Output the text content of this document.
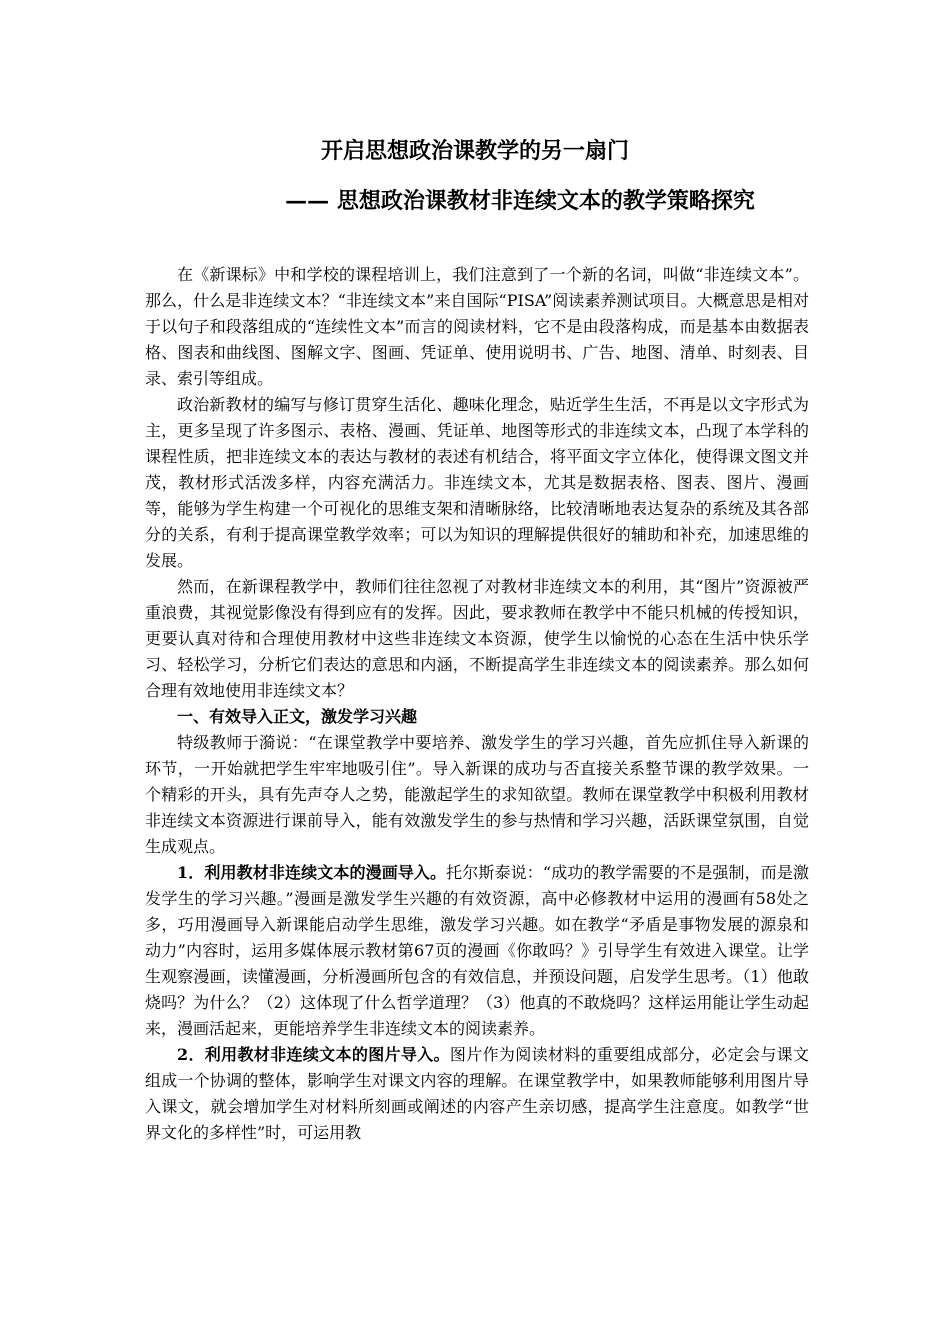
开启思想政治课教学的另一扇门
—— 思想政治课教材非连续文本的教学策略探究

在《新课标》中和学校的课程培训上，我们注意到了一个新的名词，叫做“非连续文本”。那么，什么是非连续文本？“非连续文本”来自国际“PISA”阅读素养测试项目。大概意思是相对于以句子和段落组成的“连续性文本”而言的阅读材料，它不是由段落构成，而是基本由数据表格、图表和曲线图、图解文字、图画、凭证单、使用说明书、广告、地图、清单、时刻表、目录、索引等组成。

政治新教材的编写与修订贯穿生活化、趣味化理念，贴近学生生活，不再是以文字形式为主，更多呈现了许多图示、表格、漫画、凭证单、地图等形式的非连续文本，凸现了本学科的课程性质，把非连续文本的表达与教材的表述有机结合，将平面文字立体化，使得课文图文并茂，教材形式活泼多样，内容充满活力。非连续文本，尤其是数据表格、图表、图片、漫画等，能够为学生构建一个可视化的思维支架和清晰脉络，比较清晰地表达复杂的系统及其各部分的关系，有利于提高课堂教学效率；可以为知识的理解提供很好的辅助和补充，加速思维的发展。

然而，在新课程教学中，教师们往往忽视了对教材非连续文本的利用，其“图片”资源被严重浪费，其视觉影像没有得到应有的发挥。因此，要求教师在教学中不能只机械的传授知识，更要认真对待和合理使用教材中这些非连续文本资源，使学生以愉悦的心态在生活中快乐学习、轻松学习，分析它们表达的意思和内涵，不断提高学生非连续文本的阅读素养。那么如何合理有效地使用非连续文本？

一、有效导入正文，激发学习兴趣

特级教师于漪说：“在课堂教学中要培养、激发学生的学习兴趣，首先应抓住导入新课的环节，一开始就把学生牢牢地吸引住”。导入新课的成功与否直接关系整节课的教学效果。一个精彩的开头，具有先声夺人之势，能激起学生的求知欲望。教师在课堂教学中积极利用教材非连续文本资源进行课前导入，能有效激发学生的参与热情和学习兴趣，活跃课堂氛围，自觉生成观点。

1．利用教材非连续文本的漫画导入。托尔斯泰说：“成功的教学需要的不是强制，而是激发学生的学习兴趣。”漫画是激发学生兴趣的有效资源，高中必修教材中运用的漫画有58处之多，巧用漫画导入新课能启动学生思维，激发学习兴趣。如在教学“矛盾是事物发展的源泉和动力”内容时，运用多媒体展示教材第67页的漫画《你敢吗？》引导学生有效进入课堂。让学生观察漫画，读懂漫画，分析漫画所包含的有效信息，并预设问题，启发学生思考。（1）他敢烧吗？为什么？（2）这体现了什么哲学道理？（3）他真的不敢烧吗？这样运用能让学生动起来，漫画活起来，更能培养学生非连续文本的阅读素养。

2．利用教材非连续文本的图片导入。图片作为阅读材料的重要组成部分，必定会与课文组成一个协调的整体，影响学生对课文内容的理解。在课堂教学中，如果教师能够利用图片导入课文，就会增加学生对材料所刻画或阐述的内容产生亲切感，提高学生注意度。如教学“世界文化的多样性”时，可运用教
